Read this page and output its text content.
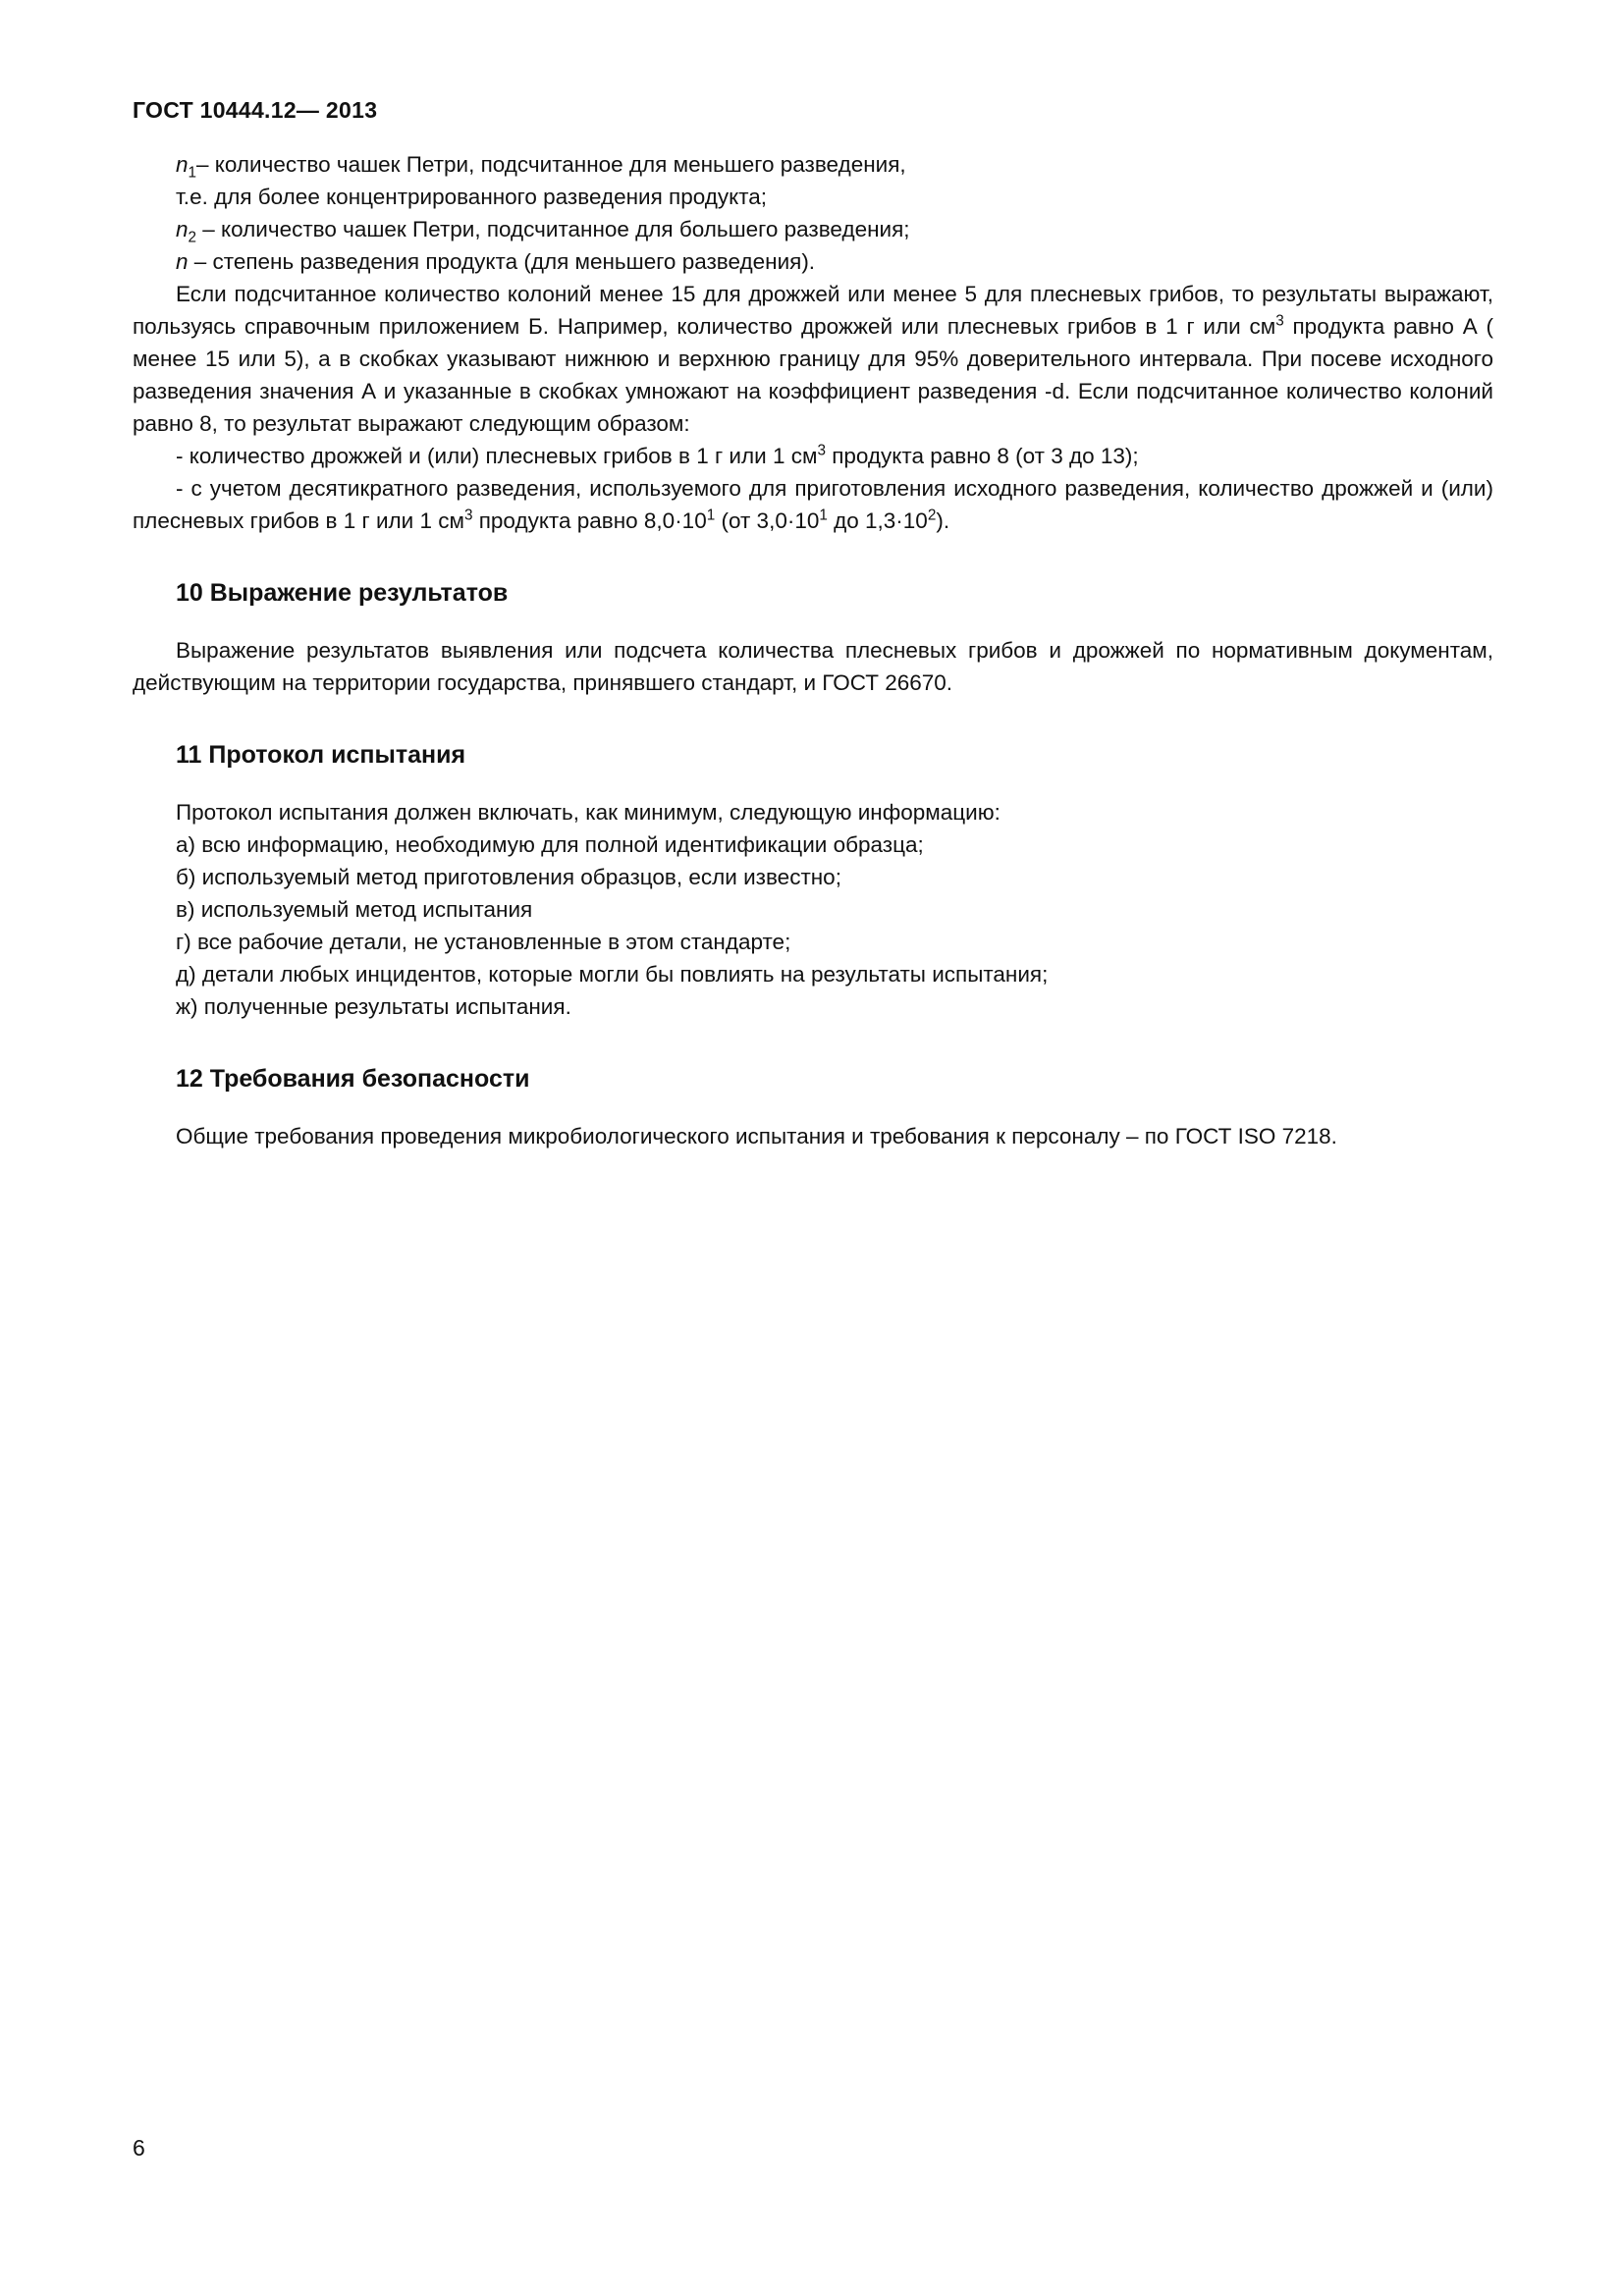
ГОСТ 10444.12— 2013

$n_1-$ количество чашек Петри, подсчитанное для меньшего разведения,
т.е. для более концентрированного разведения продукта;

$n_2$ – количество чашек Петри, подсчитанное для большего разведения;

n – степень разведения продукта (для меньшего разведения).

Если подсчитанное количество колоний менее 15 для дрожжей или менее 5 для плесневых грибов, то результаты выражают, пользуясь справочным приложением Б. Например, количество дрожжей или плесневых грибов в 1 г или $см^3$ продукта равно А ( менее 15 или 5), а в скобках указывают нижнюю и верхнюю границу для 95% доверительного интервала. При посеве исходного разведения значения А и указанные в скобках умножают на коэффициент разведения -d. Если подсчитанное количество колоний равно 8, то результат выражают следующим образом:

- количество дрожжей и (или) плесневых грибов в 1 г или 1 $см^3$ продукта равно 8 (от 3 до 13);

- с учетом десятикратного разведения, используемого для приготовления исходного разведения, количество дрожжей и (или) плесневых грибов в 1 г или 1 $см^3$ продукта равно $8,0\cdot 10^1$ (от $3,0\cdot 10^1$ до $1,3\cdot 10^2$).

10 Выражение результатов

Выражение результатов выявления или подсчета количества плесневых грибов и дрожжей по нормативным документам, действующим на территории государства, принявшего стандарт, и ГОСТ 26670.

11 Протокол испытания

Протокол испытания должен включать, как минимум, следующую информацию:

а) всю информацию, необходимую для полной идентификации образца;

б) используемый метод приготовления образцов, если известно;

в) используемый метод испытания

г) все рабочие детали, не установленные в этом стандарте;

д) детали любых инцидентов, которые могли бы повлиять на результаты испытания;

ж) полученные результаты испытания.

12 Требования безопасности

Общие требования проведения микробиологического испытания и требования к персоналу – по ГОСТ ISO 7218.

6
